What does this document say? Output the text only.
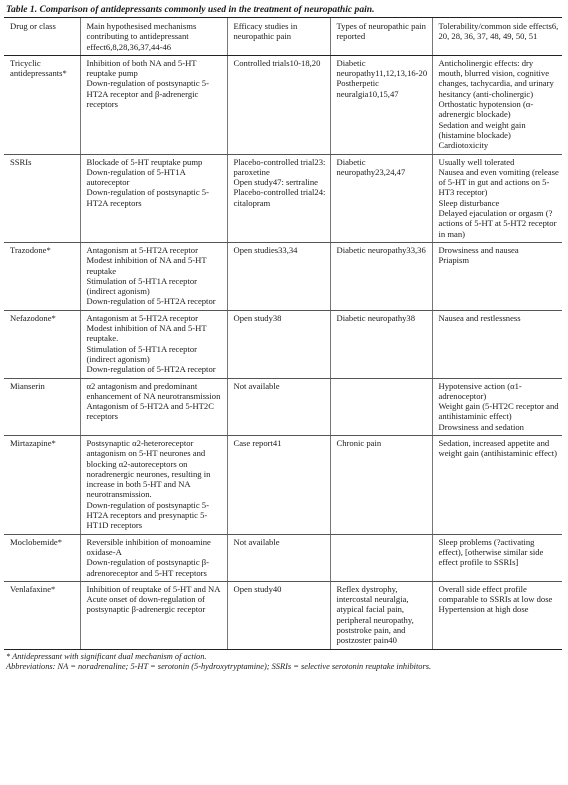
Table 1. Comparison of antidepressants commonly used in the treatment of neuropathic pain.
Drug or class	Main hypothesised mechanisms contributing to antidepressant effect6,8,28,36,37,44-46	Efficacy studies in neuropathic pain	Types of neuropathic pain reported	Tolerability/common side effects6, 20, 28, 36, 37, 48, 49, 50, 51
Tricyclic antidepressants*	Inhibition of both NA and 5-HT reuptake pump
Down-regulation of postsynaptic 5-HT2A receptor and β-adrenergic receptors	Controlled trials10-18,20	Diabetic neuropathy11,12,13,16-20
Postherpetic neuralgia10,15,47	Anticholinergic effects: dry mouth, blurred vision, cognitive changes, tachycardia, and urinary hesitancy (anti-cholinergic)
Orthostatic hypotension (α-adrenergic blockade)
Sedation and weight gain (histamine blockade)
Cardiotoxicity

SSRIs	Blockade of 5-HT reuptake pump
Down-regulation of 5-HT1A autoreceptor
Down-regulation of postsynaptic 5-HT2A receptors	Placebo-controlled trial23: paroxetine
Open study47: sertraline
Placebo-controlled trial24: citalopram	Diabetic neuropathy23,24,47	Usually well tolerated
Nausea and even vomiting (release of 5-HT in gut and actions on 5-HT3 receptor)
Sleep disturbance
Delayed ejaculation or orgasm (?actions of 5-HT at 5-HT2 receptor in man)

Trazodone*	Antagonism at 5-HT2A receptor
Modest inhibition of NA and 5-HT reuptake
Stimulation of 5-HT1A receptor (indirect agonism)
Down-regulation of 5-HT2A receptor	Open studies33,34	Diabetic neuropathy33,36	Drowsiness and nausea
Priapism

Nefazodone*	Antagonism at 5-HT2A receptor
Modest inhibition of NA and 5-HT reuptake.
Stimulation of 5-HT1A receptor (indirect agonism)
Down-regulation of 5-HT2A receptor	Open study38	Diabetic neuropathy38	Nausea and restlessness

Mianserin	α2 antagonism and predominant enhancement of NA neurotransmission
Antagonism of 5-HT2A and 5-HT2C receptors	Not available		Hypotensive action (α1-adrenoceptor)
Weight gain (5-HT2C receptor and antihistaminic effect)
Drowsiness and sedation

Mirtazapine*	Postsynaptic α2-heteroreceptor antagonism on 5-HT neurones and blocking α2-autoreceptors on noradrenergic neurones, resulting in increase in both 5-HT and NA neurotransmission.
Down-regulation of postsynaptic 5-HT2A receptors and presynaptic 5-HT1D receptors	Case report41	Chronic pain	Sedation, increased appetite and weight gain (antihistaminic effect)

Moclobemide*	Reversible inhibition of monoamine oxidase-A
Down-regulation of postsynaptic β-adrenoreceptor and 5-HT receptors	Not available		Sleep problems (?activating effect), [otherwise similar side effect profile to SSRIs]

Venlafaxine*	Inhibition of reuptake of 5-HT and NA
Acute onset of down-regulation of postsynaptic β-adrenergic receptor	Open study40	Reflex dystrophy, intercostal neuralgia, atypical facial pain, peripheral neuropathy, poststroke pain, and postzoster pain40	Overall side effect profile comparable to SSRIs at low dose
Hypertension at high dose
* Antidepressant with significant dual mechanism of action.
Abbreviations: NA = noradrenaline; 5-HT = serotonin (5-hydroxytryptamine); SSRIs = selective serotonin reuptake inhibitors.
